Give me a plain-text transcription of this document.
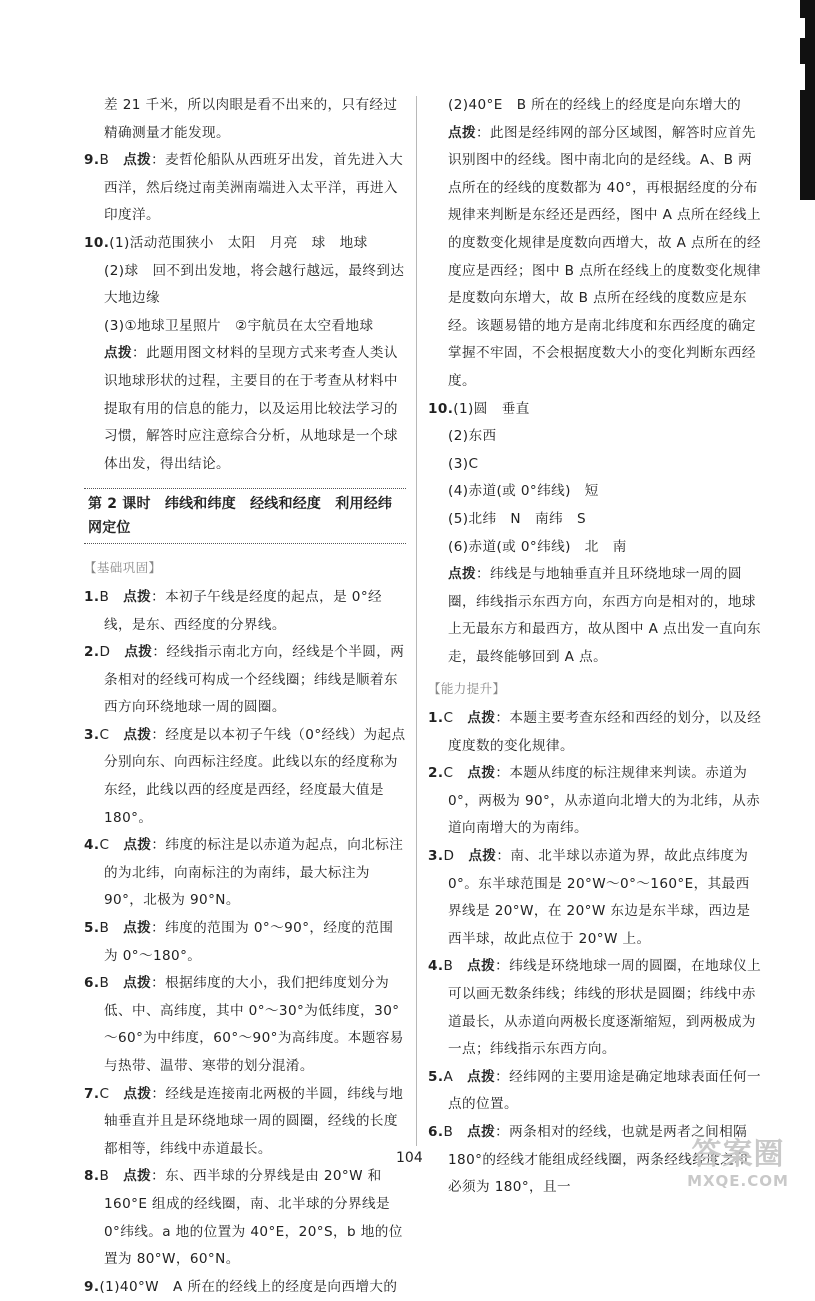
差 21 千米，所以肉眼是看不出来的，只有经过精确测量才能发现。

9.B　 点拨：麦哲伦船队从西班牙出发，首先进入大西洋，然后绕过南美洲南端进入太平洋，再进入印度洋。

10.(1)活动范围狭小　太阳　月亮　球　地球

(2)球　回不到出发地，将会越行越远，最终到达大地边缘

(3)①地球卫星照片　②宇航员在太空看地球

点拨：此题用图文材料的呈现方式来考查人类认识地球形状的过程，主要目的在于考查从材料中提取有用的信息的能力，以及运用比较法学习的习惯，解答时应注意综合分析，从地球是一个球体出发，得出结论。

第 2 课时　纬线和纬度　经线和经度　利用经纬网定位
【基础巩固】

1.B　 点拨：本初子午线是经度的起点，是 0°经线，是东、西经度的分界线。

2.D　 点拨：经线指示南北方向，经线是个半圆，两条相对的经线可构成一个经线圈；纬线是顺着东西方向环绕地球一周的圆圈。

3.C　 点拨：经度是以本初子午线（0°经线）为起点分别向东、向西标注经度。此线以东的经度称为东经，此线以西的经度是西经，经度最大值是 180°。

4.C　 点拨：纬度的标注是以赤道为起点，向北标注的为北纬，向南标注的为南纬，最大标注为 90°，北极为 90°N。

5.B　 点拨：纬度的范围为 0°～90°，经度的范围为 0°～180°。

6.B　 点拨：根据纬度的大小，我们把纬度划分为低、中、高纬度，其中 0°～30°为低纬度，30°～60°为中纬度，60°～90°为高纬度。本题容易与热带、温带、寒带的划分混淆。

7.C　 点拨：经线是连接南北两极的半圆，纬线与地轴垂直并且是环绕地球一周的圆圈，经线的长度都相等，纬线中赤道最长。

8.B　 点拨：东、西半球的分界线是由 20°W 和 160°E 组成的经线圈，南、北半球的分界线是 0°纬线。a 地的位置为 40°E，20°S，b 地的位置为 80°W，60°N。

9.(1)40°W　A 所在的经线上的经度是向西增大的

(2)40°E　B 所在的经线上的经度是向东增大的

点拨：此图是经纬网的部分区域图，解答时应首先识别图中的经线。图中南北向的是经线。A、B 两点所在的经线的度数都为 40°，再根据经度的分布规律来判断是东经还是西经，图中 A 点所在经线上的度数变化规律是度数向西增大，故 A 点所在的经度应是西经；图中 B 点所在经线上的度数变化规律是度数向东增大，故 B 点所在经线的度数应是东经。该题易错的地方是南北纬度和东西经度的确定掌握不牢固，不会根据度数大小的变化判断东西经度。

10.(1)圆　垂直

(2)东西

(3)C

(4)赤道(或 0°纬线)　短

(5)北纬　N　南纬　S

(6)赤道(或 0°纬线)　北　南

点拨：纬线是与地轴垂直并且环绕地球一周的圆圈，纬线指示东西方向，东西方向是相对的，地球上无最东方和最西方，故从图中 A 点出发一直向东走，最终能够回到 A 点。

【能力提升】

1.C　 点拨：本题主要考查东经和西经的划分，以及经度度数的变化规律。

2.C　 点拨：本题从纬度的标注规律来判读。赤道为 0°，两极为 90°，从赤道向北增大的为北纬，从赤道向南增大的为南纬。

3.D　 点拨：南、北半球以赤道为界，故此点纬度为 0°。东半球范围是 20°W～0°～160°E，其最西界线是 20°W，在 20°W 东边是东半球，西边是西半球，故此点位于 20°W 上。

4.B　 点拨：纬线是环绕地球一周的圆圈，在地球仪上可以画无数条纬线；纬线的形状是圆圈；纬线中赤道最长，从赤道向两极长度逐渐缩短，到两极成为一点；纬线指示东西方向。

5.A　 点拨：经纬网的主要用途是确定地球表面任何一点的位置。

6.B　 点拨：两条相对的经线，也就是两者之间相隔 180°的经线才能组成经线圈，两条经线经度之和必须为 180°，且一

104	答案圈
MXQE.COM
